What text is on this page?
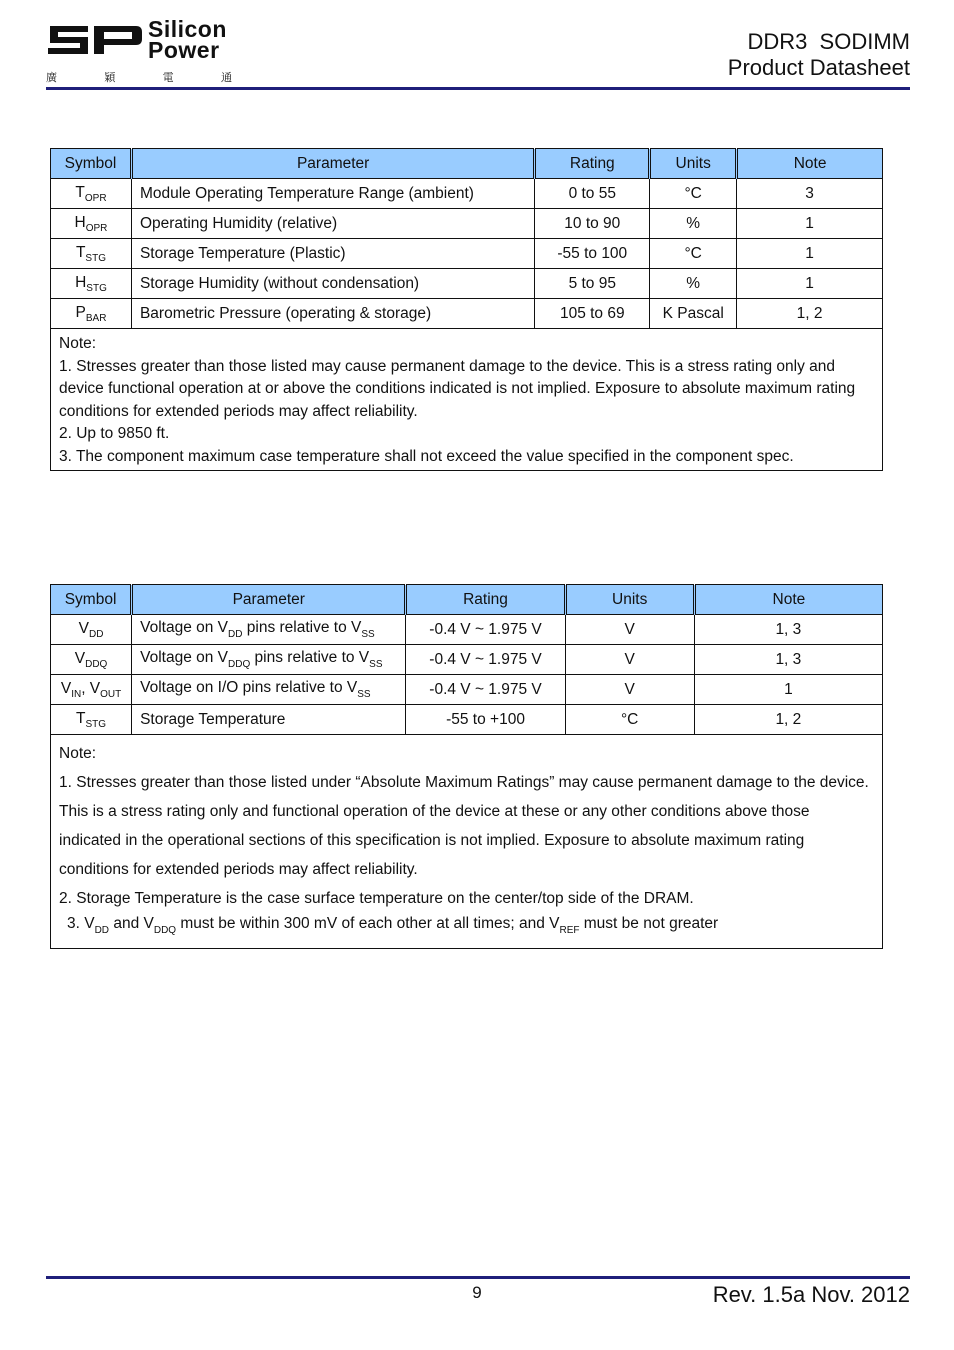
Silicon
Power
廣	穎	電	通
DDR3  SODIMM
Product Datasheet
Symbol	Parameter	Rating	Units	Note
$T_{OPR}$	Module Operating Temperature Range (ambient)	0 to 55	°C	3
$H_{OPR}$	Operating Humidity (relative)	10 to 90	%	1
$T_{STG}$	Storage Temperature (Plastic)	-55 to 100	°C	1
$H_{STG}$	Storage Humidity (without condensation)	5 to 95	%	1
$P_{BAR}$	Barometric Pressure (operating & storage)	105 to 69	K Pascal	1, 2

Note:
1. Stresses greater than those listed may cause permanent damage to the device. This is a stress rating only and device functional operation at or above the conditions indicated is not implied. Exposure to absolute maximum rating conditions for extended periods may affect reliability.
2. Up to 9850 ft.
3. The component maximum case temperature shall not exceed the value specified in the component spec.				
Symbol	Parameter	Rating	Units	Note
$V_{DD}$	Voltage on $V_{DD}$ pins relative to $V_{SS}$	-0.4 V ~ 1.975 V	V	1, 3
$V_{DDQ}$	Voltage on $V_{DDQ}$ pins relative to $V_{SS}$	-0.4 V ~ 1.975 V	V	1, 3
$V_{IN}$, $V_{OUT}$	Voltage on I/O pins relative to $V_{SS}$	-0.4 V ~ 1.975 V	V	1
$T_{STG}$	Storage Temperature	-55 to +100	°C	1, 2

Note:
1. Stresses greater than those listed under “Absolute Maximum Ratings” may cause permanent damage to the device. This is a stress rating only and functional operation of the device at these or any other conditions above those indicated in the operational sections of this specification is not implied. Exposure to absolute maximum rating conditions for extended periods may affect reliability.
2. Storage Temperature is the case surface temperature on the center/top side of the DRAM.
3. $V_{DD}$ and $V_{DDQ}$ must be within 300 mV of each other at all times; and $V_{REF}$ must be not greater				
9	Rev. 1.5a Nov. 2012
